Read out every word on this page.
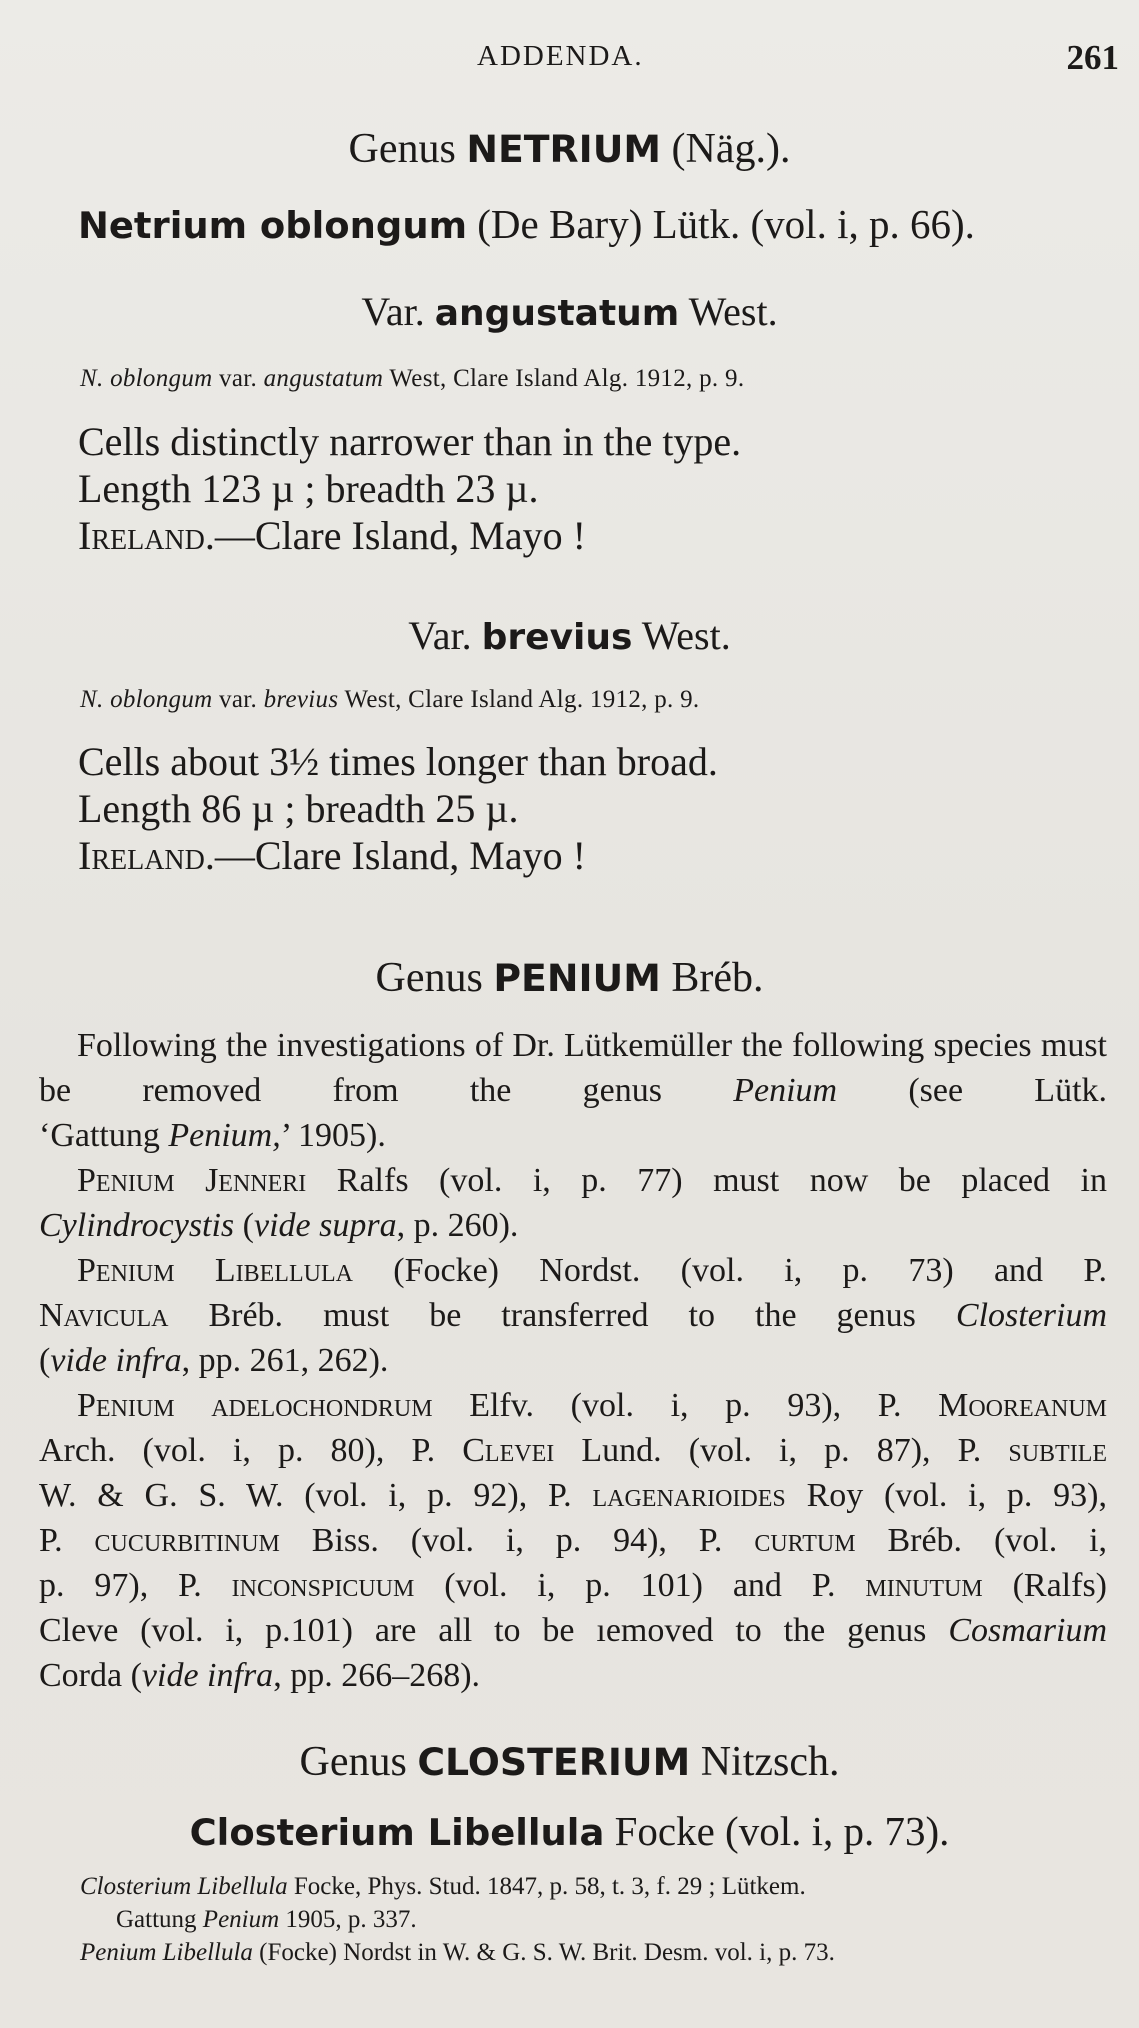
ADDENDA.	261
Genus NETRIUM (Näg.).
Netrium oblongum (De Bary) Lütk. (vol. i, p. 66).
Var. angustatum West.
N. oblongum var. angustatum West, Clare Island Alg. 1912, p. 9.
Cells distinctly narrower than in the type.
Length 123 µ ; breadth 23 µ.
Ireland.—Clare Island, Mayo !
Var. brevius West.
N. oblongum var. brevius West, Clare Island Alg. 1912, p. 9.
Cells about 3½ times longer than broad.
Length 86 µ ; breadth 25 µ.
Ireland.—Clare Island, Mayo !
Genus PENIUM Bréb.

Following the investigations of Dr. Lütkemüller the following species must be removed from the genus Penium (see Lütk.

‘Gattung Penium,’ 1905).

Penium Jenneri Ralfs (vol. i, p. 77) must now be placed in

Cylindrocystis (vide supra, p. 260).

Penium Libellula (Focke) Nordst. (vol. i, p. 73) and P.

Navicula Bréb. must be transferred to the genus Closterium

(vide infra, pp. 261, 262).

Penium adelochondrum Elfv. (vol. i, p. 93), P. Mooreanum

Arch. (vol. i, p. 80), P. Clevei Lund. (vol. i, p. 87), P. subtile

W. & G. S. W. (vol. i, p. 92), P. lagenarioides Roy (vol. i, p. 93),

P. cucurbitinum Biss. (vol. i, p. 94), P. curtum Bréb. (vol. i,

p. 97), P. inconspicuum (vol. i, p. 101) and P. minutum (Ralfs)

Cleve (vol. i, p.101) are all to be ıemoved to the genus Cosmarium

Corda (vide infra, pp. 266–268).

Genus CLOSTERIUM Nitzsch.
Closterium Libellula Focke (vol. i, p. 73).
Closterium Libellula Focke, Phys. Stud. 1847, p. 58, t. 3, f. 29 ; Lütkem.
Gattung Penium 1905, p. 337.
Penium Libellula (Focke) Nordst in W. & G. S. W. Brit. Desm. vol. i, p. 73.
